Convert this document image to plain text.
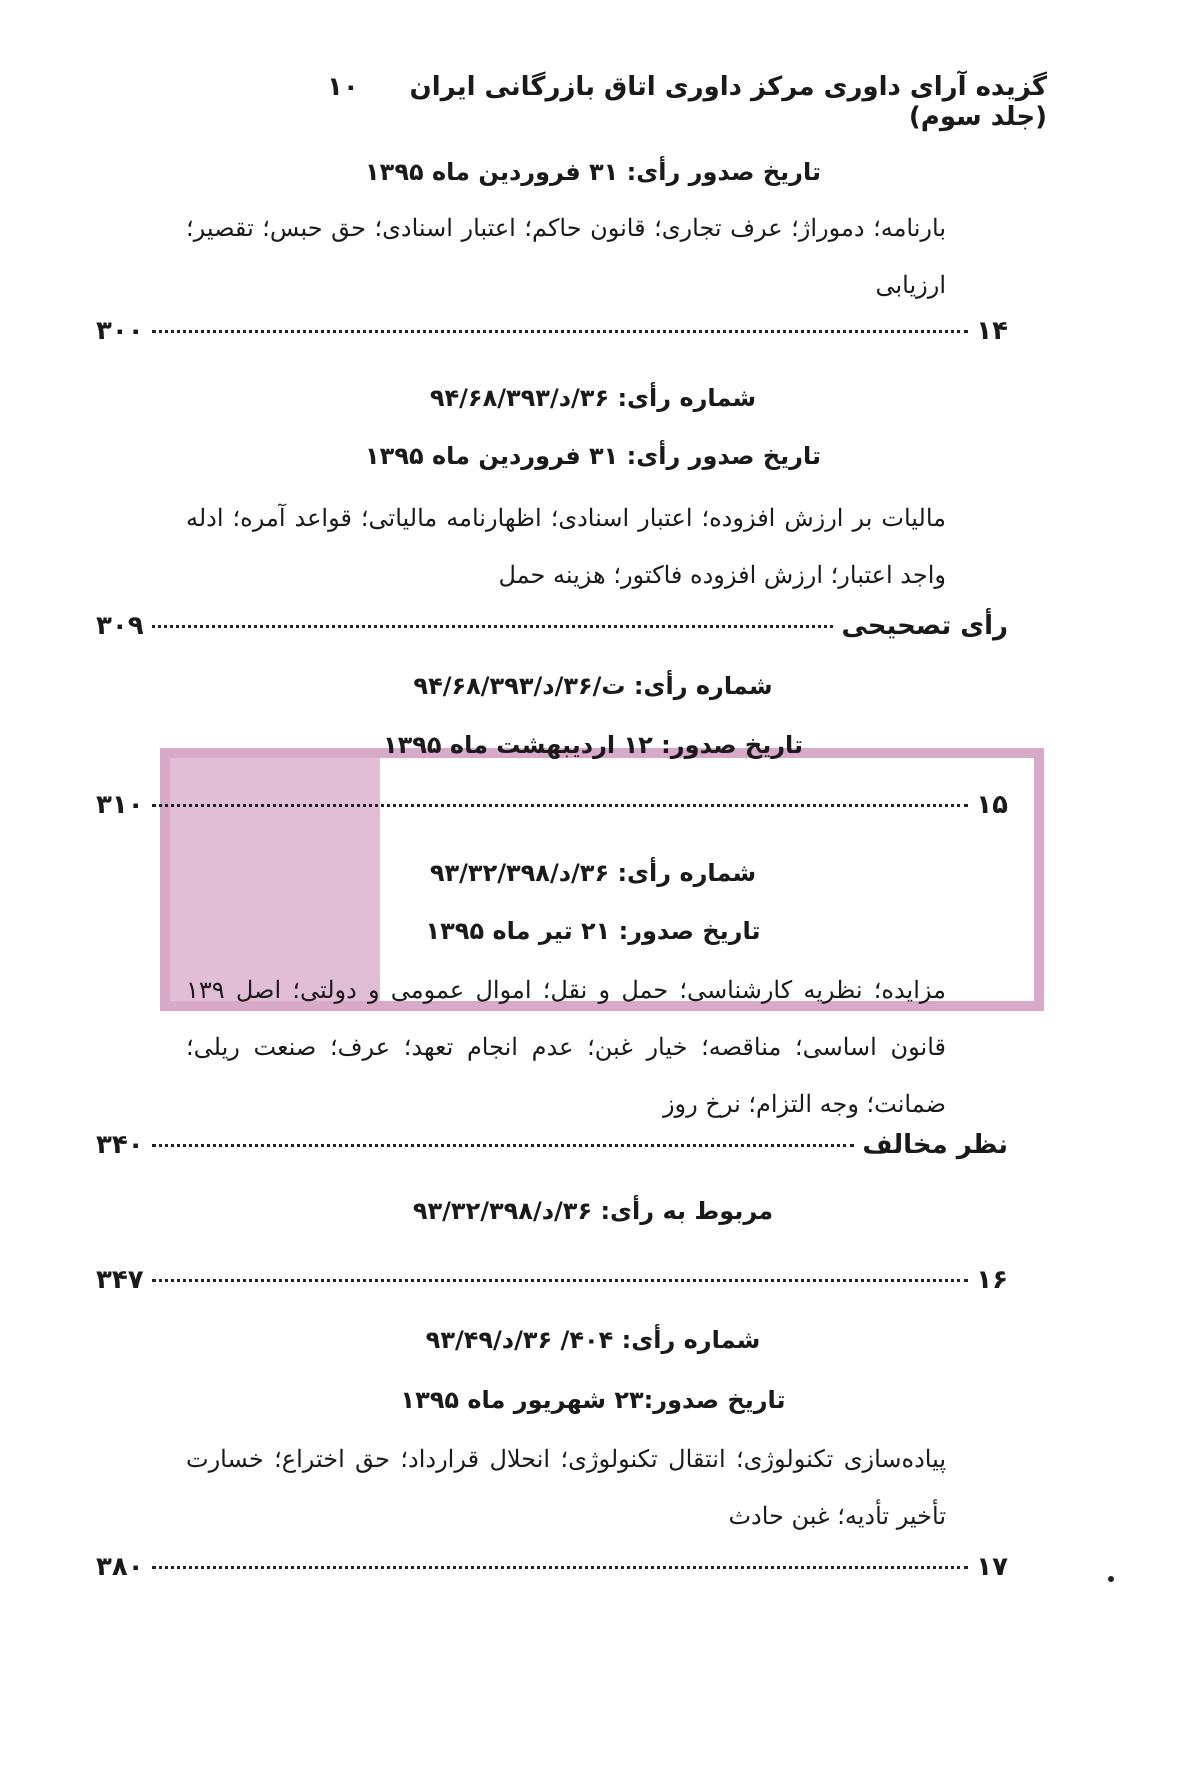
۱۰	گزیده آرای داوری مرکز داوری اتاق بازرگانی ایران (جلد سوم)
تاریخ صدور رأی: ۳۱ فروردین ماه ۱۳۹۵
بارنامه؛ دموراژ؛ عرف تجاری؛ قانون حاکم؛ اعتبار اسنادی؛ حق حبس؛ تقصیر؛ ارزیابی
۱۴
۳۰۰
شماره رأی: ۳۶/د/۹۴/۶۸/۳۹۳
تاریخ صدور رأی: ۳۱ فروردین ماه ۱۳۹۵
مالیات بر ارزش افزوده؛ اعتبار اسنادی؛ اظهارنامه مالیاتی؛ قواعد آمره؛ ادله واجد اعتبار؛ ارزش افزوده فاکتور؛ هزینه حمل
رأی تصحیحی
۳۰۹
شماره رأی: ت/۳۶/د/۹۴/۶۸/۳۹۳
تاریخ صدور: ۱۲ اردیبهشت ماه ۱۳۹۵
۱۵
۳۱۰
شماره رأی: ۳۶/د/۹۳/۳۲/۳۹۸
تاریخ صدور: ۲۱ تیر ماه ۱۳۹۵
مزایده؛ نظریه کارشناسی؛ حمل و نقل؛ اموال عمومی و دولتی؛ اصل ۱۳۹ قانون اساسی؛ مناقصه؛ خیار غبن؛ عدم انجام تعهد؛ عرف؛ صنعت ریلی؛ ضمانت؛ وجه التزام؛ نرخ روز
نظر مخالف
۳۴۰
مربوط به رأی: ۳۶/د/۹۳/۳۲/۳۹۸
۱۶
۳۴۷
شماره رأی: ۴۰۴/ ۳۶/د/۹۳/۴۹
تاریخ صدور:۲۳ شهریور ماه ۱۳۹۵
پیاده‌سازی تکنولوژی؛ انتقال تکنولوژی؛ انحلال قرارداد؛ حق اختراع؛ خسارت تأخیر تأدیه؛ غبن حادث
۱۷
۳۸۰
